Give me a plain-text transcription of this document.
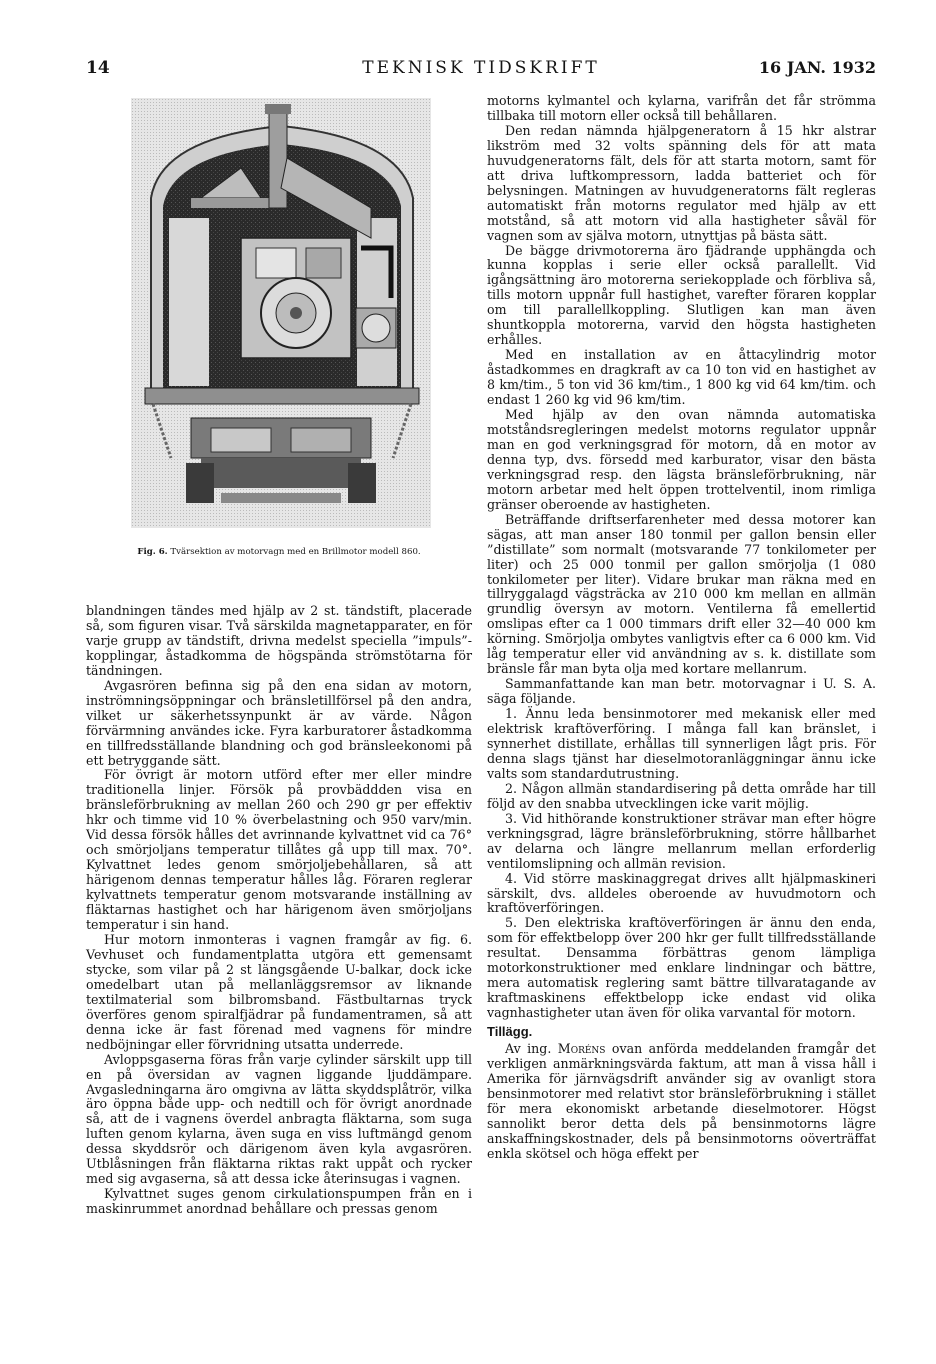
14	TEKNISK TIDSKRIFT	16 JAN. 1932
Fig. 6. Tvärsektion av motorvagn med en Brillmotor modell 860.

blandningen tändes med hjälp av 2 st. tändstift, placerade så, som figuren visar. Två särskilda magnetapparater, en för varje grupp av tändstift, drivna medelst speciella ”impuls”-kopplingar, åstadkomma de högspända strömstötarna för tändningen.

Avgasrören befinna sig på den ena sidan av motorn, inströmningsöppningar och bränsletillförsel på den andra, vilket ur säkerhetssynpunkt är av värde. Någon förvärmning användes icke. Fyra karburatorer åstadkomma en tillfredsställande blandning och god bränsleekonomi på ett betryggande sätt.

För övrigt är motorn utförd efter mer eller mindre traditionella linjer. Försök på provbäddden visa en bränsleförbrukning av mellan 260 och 290 gr per effektiv hkr och timme vid 10 % överbelastning och 950 varv/min. Vid dessa försök hålles det avrinnande kylvattnet vid ca 76° och smörjoljans temperatur tillåtes gå upp till max. 70°. Kylvattnet ledes genom smörjoljebehållaren, så att härigenom dennas temperatur hålles låg. Föraren reglerar kylvattnets temperatur genom motsvarande inställning av fläktarnas hastighet och har härigenom även smörjoljans temperatur i sin hand.

Hur motorn inmonteras i vagnen framgår av fig. 6. Vevhuset och fundamentplatta utgöra ett gemensamt stycke, som vilar på 2 st längsgående U-balkar, dock icke omedelbart utan på mellanläggsremsor av liknande textilmaterial som bilbromsband. Fästbultarnas tryck överföres genom spiralfjädrar på fundamentramen, så att denna icke är fast förenad med vagnens för mindre nedböjningar eller förvridning utsatta underrede.

Avloppsgaserna föras från varje cylinder särskilt upp till en på översidan av vagnen liggande ljuddämpare. Avgasledningarna äro omgivna av lätta skyddsplåtrör, vilka äro öppna både upp- och nedtill och för övrigt anordnade så, att de i vagnens överdel anbragta fläktarna, som suga luften genom kylarna, även suga en viss luftmängd genom dessa skyddsrör och därigenom även kyla avgasrören. Utblåsningen från fläktarna riktas rakt uppåt och rycker med sig avgaserna, så att dessa icke återinsugas i vagnen.

Kylvattnet suges genom cirkulationspumpen från en i maskinrummet anordnad behållare och pressas genom

motorns kylmantel och kylarna, varifrån det får strömma tillbaka till motorn eller också till behållaren.

Den redan nämnda hjälpgeneratorn å 15 hkr alstrar likström med 32 volts spänning dels för att mata huvudgeneratorns fält, dels för att starta motorn, samt för att driva luftkompressorn, ladda batteriet och för belysningen. Matningen av huvudgeneratorns fält regleras automatiskt från motorns regulator med hjälp av ett motstånd, så att motorn vid alla hastigheter såväl för vagnen som av själva motorn, utnyttjas på bästa sätt.

De bägge drivmotorerna äro fjädrande upphängda och kunna kopplas i serie eller också parallellt. Vid igångsättning äro motorerna seriekopplade och förbliva så, tills motorn uppnår full hastighet, varefter föraren kopplar om till parallellkoppling. Slutligen kan man även shuntkoppla motorerna, varvid den högsta hastigheten erhålles.

Med en installation av en åttacylindrig motor åstadkommes en dragkraft av ca 10 ton vid en hastighet av 8 km/tim., 5 ton vid 36 km/tim., 1 800 kg vid 64 km/tim. och endast 1 260 kg vid 96 km/tim.

Med hjälp av den ovan nämnda automatiska motståndsregleringen medelst motorns regulator uppnår man en god verkningsgrad för motorn, då en motor av denna typ, dvs. försedd med karburator, visar den bästa verkningsgrad resp. den lägsta bränsleförbrukning, när motorn arbetar med helt öppen trottelventil, inom rimliga gränser oberoende av hastigheten.

Beträffande driftserfarenheter med dessa motorer kan sägas, att man anser 180 tonmil per gallon bensin eller ”distillate” som normalt (motsvarande 77 tonkilometer per liter) och 25 000 tonmil per gallon smörjolja (1 080 tonkilometer per liter). Vidare brukar man räkna med en tillryggalagd vägsträcka av 210 000 km mellan en allmän grundlig översyn av motorn. Ventilerna få emellertid omslipas efter ca 1 000 timmars drift eller 32—40 000 km körning. Smörjolja ombytes vanligtvis efter ca 6 000 km. Vid låg temperatur eller vid användning av s. k. distillate som bränsle får man byta olja med kortare mellanrum.

Sammanfattande kan man betr. motorvagnar i U. S. A. säga följande.

1. Ännu leda bensinmotorer med mekanisk eller med elektrisk kraftöverföring. I många fall kan bränslet, i synnerhet distillate, erhållas till synnerligen lågt pris. För denna slags tjänst har dieselmotoranläggningar ännu icke valts som standardutrustning.

2. Någon allmän standardisering på detta område har till följd av den snabba utvecklingen icke varit möjlig.

3. Vid hithörande konstruktioner strävar man efter högre verkningsgrad, lägre bränsleförbrukning, större hållbarhet av delarna och längre mellanrum mellan erforderlig ventilomslipning och allmän revision.

4. Vid större maskinaggregat drives allt hjälpmaskineri särskilt, dvs. alldeles oberoende av huvudmotorn och kraftöverföringen.

5. Den elektriska kraftöverföringen är ännu den enda, som för effektbelopp över 200 hkr ger fullt tillfredsställande resultat. Densamma förbättras genom lämpliga motorkonstruktioner med enklare lindningar och bättre, mera automatisk reglering samt bättre tillvaratagande av kraftmaskinens effektbelopp icke endast vid olika vagnhastigheter utan även för olika varvantal för motorn.

Tillägg.

Av ing. Moréns ovan anförda meddelanden framgår det verkligen anmärkningsvärda faktum, att man å vissa håll i Amerika för järnvägsdrift använder sig av ovanligt stora bensinmotorer med relativt stor bränsleförbrukning i stället för mera ekonomiskt arbetande dieselmotorer. Högst sannolikt beror detta dels på bensinmotorns lägre anskaffningskostnader, dels på bensinmotorns oöverträffat enkla skötsel och höga effekt per
